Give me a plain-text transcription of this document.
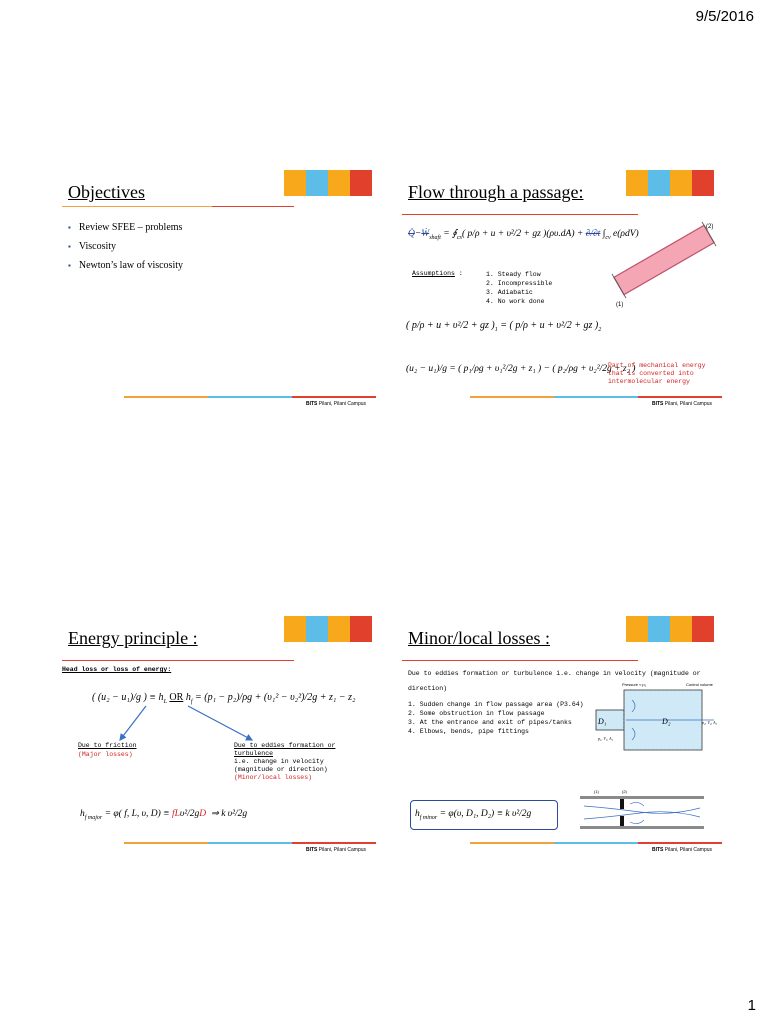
9/5/2016
Objectives
▪ Review SFEE – problems
▪ Viscosity
▪ Newton’s law of viscosity
BITS Pilani, Pilani Campus
Flow through a passage:
Q̇−Ẇ$_{shaft}$ = $∮_{cs}$( p/ρ + u + υ²/2 + gz )(ρυ.dA) + ∂/∂t $\int_{cv}$ e(ρdV)
(1)
(2)
Assumptions :	1. Steady flow
2. Incompressible
3. Adiabatic
4. No work done
( p/ρ + u + υ²/2 + gz )$_1$ = ( p/ρ + u + υ²/2 + gz )$_2$
(u₂ − u₁)/g = ( p₁/ρg + υ₁²/2g + z₁ ) − ( p₂/ρg + υ₂²/2g + z₂ )
Part of mechanical energy that is converted into intermolecular energy
BITS Pilani, Pilani Campus
Energy principle :
Head loss or loss of energy:
( (u₂ − u₁)/g ) ≡ $h_L$ OR $h_f = (p_1 - p_2)/\rho g + (\upsilon_1^2 - \upsilon_2^2)/2g + z_1 - z_2$
Due to friction
(Major losses)
Due to eddies formation or turbulence
i.e. change in velocity (magnitude or direction)
(Minor/local losses)
$h_{f major} = \varphi$( f, L, υ, D) ≡ fLυ²/2gD  ⇒ k υ²/2g
BITS Pilani, Pilani Campus
Minor/local losses :
Due to eddies formation or turbulence i.e. change in velocity (magnitude or direction)
1. Sudden change in flow passage area (P3.64)
2. Some obstruction in flow passage
3. At the entrance and exit of pipes/tanks
4. Elbows, bends, pipe fittings
D₁	D₂
Pressure ≈ p₁	Control volume
p₁, V₁, A₁
p₂, V₂, A₂
$h_{f minor} = \varphi(\upsilon$, D₁, D₂) ≡ k υ²/2g
(1)	(2)
BITS Pilani, Pilani Campus
1
